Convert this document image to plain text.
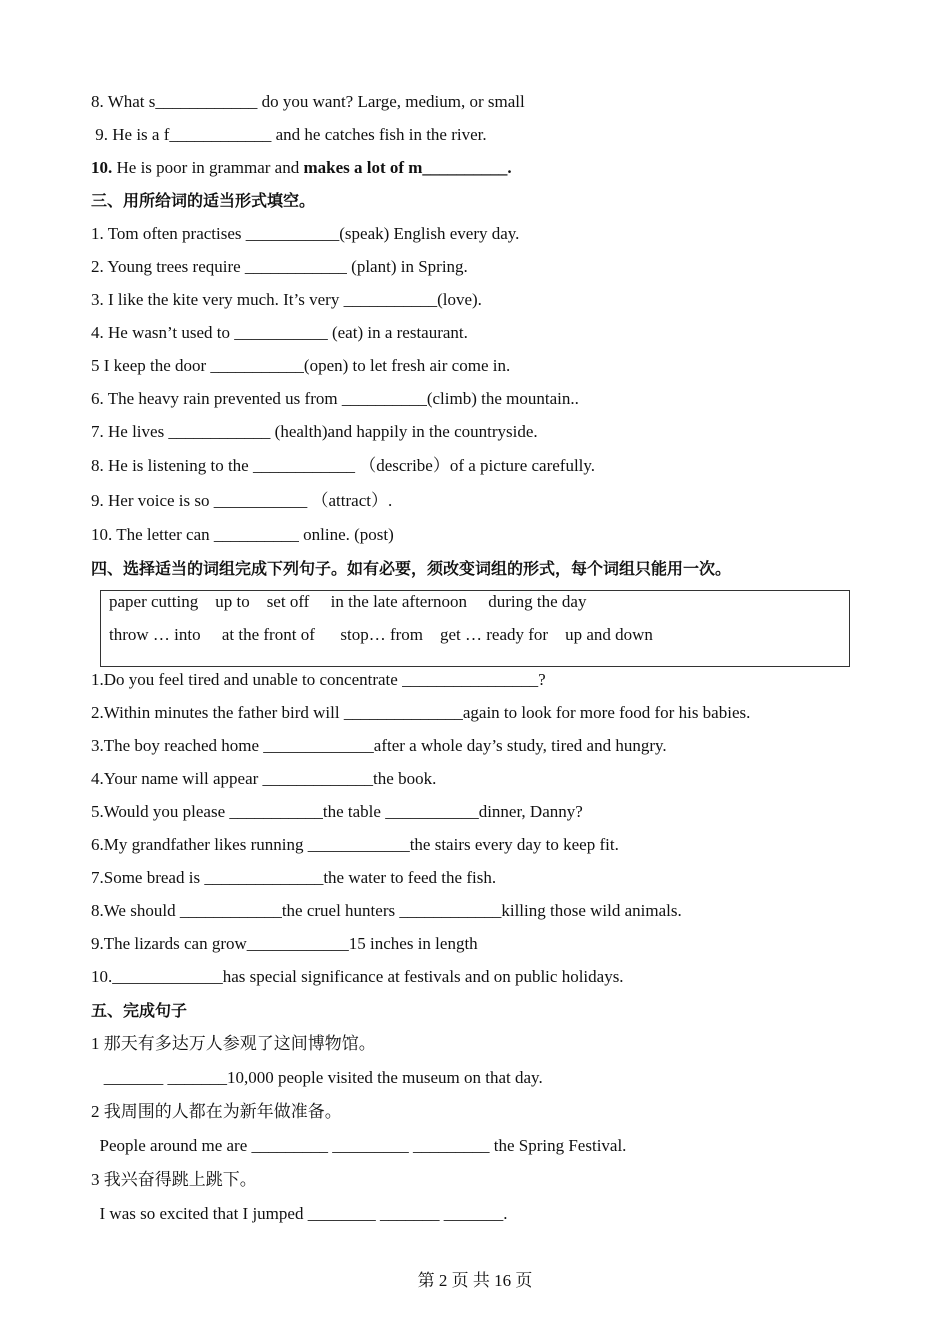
8. What s____________ do you want? Large, medium, or small
9. He is a f____________ and he catches fish in the river.
10. He is poor in grammar and makes a lot of m__________.
三、用所给词的适当形式填空。
1. Tom often practises ___________(speak) English every day.
2. Young trees require ____________ (plant) in Spring.
3. I like the kite very much. It’s very ___________(love).
4. He wasn’t used to ___________ (eat) in a restaurant.
5 I keep the door ___________(open) to let fresh air come in.
6. The heavy rain prevented us from __________(climb) the mountain..
7. He lives ____________ (health)and happily in the countryside.
8. He is listening to the ____________ （describe）of a picture carefully.
9. Her voice is so ___________ （attract）.
10. The letter can __________ online. (post)
四、选择适当的词组完成下列句子。如有必要，须改变词组的形式，每个词组只能用一次。
paper cutting    up to    set off     in the late afternoon     during the day
throw … into     at the front of      stop… from    get … ready for    up and down
1.Do you feel tired and unable to concentrate ________________?
2.Within minutes the father bird will ______________again to look for more food for his babies.
3.The boy reached home _____________after a whole day’s study, tired and hungry.
4.Your name will appear _____________the book.
5.Would you please ___________the table ___________dinner, Danny?
6.My grandfather likes running ____________the stairs every day to keep fit.
7.Some bread is ______________the water to feed the fish.
8.We should ____________the cruel hunters ____________killing those wild animals.
9.The lizards can grow____________15 inches in length
10._____________has special significance at festivals and on public holidays.
五、完成句子
1 那天有多达万人参观了这间博物馆。
_______ _______10,000 people visited the museum on that day.
2 我周围的人都在为新年做准备。
People around me are _________ _________ _________ the Spring Festival.
3 我兴奋得跳上跳下。
I was so excited that I jumped ________ _______ _______.
第 2 页 共 16 页
